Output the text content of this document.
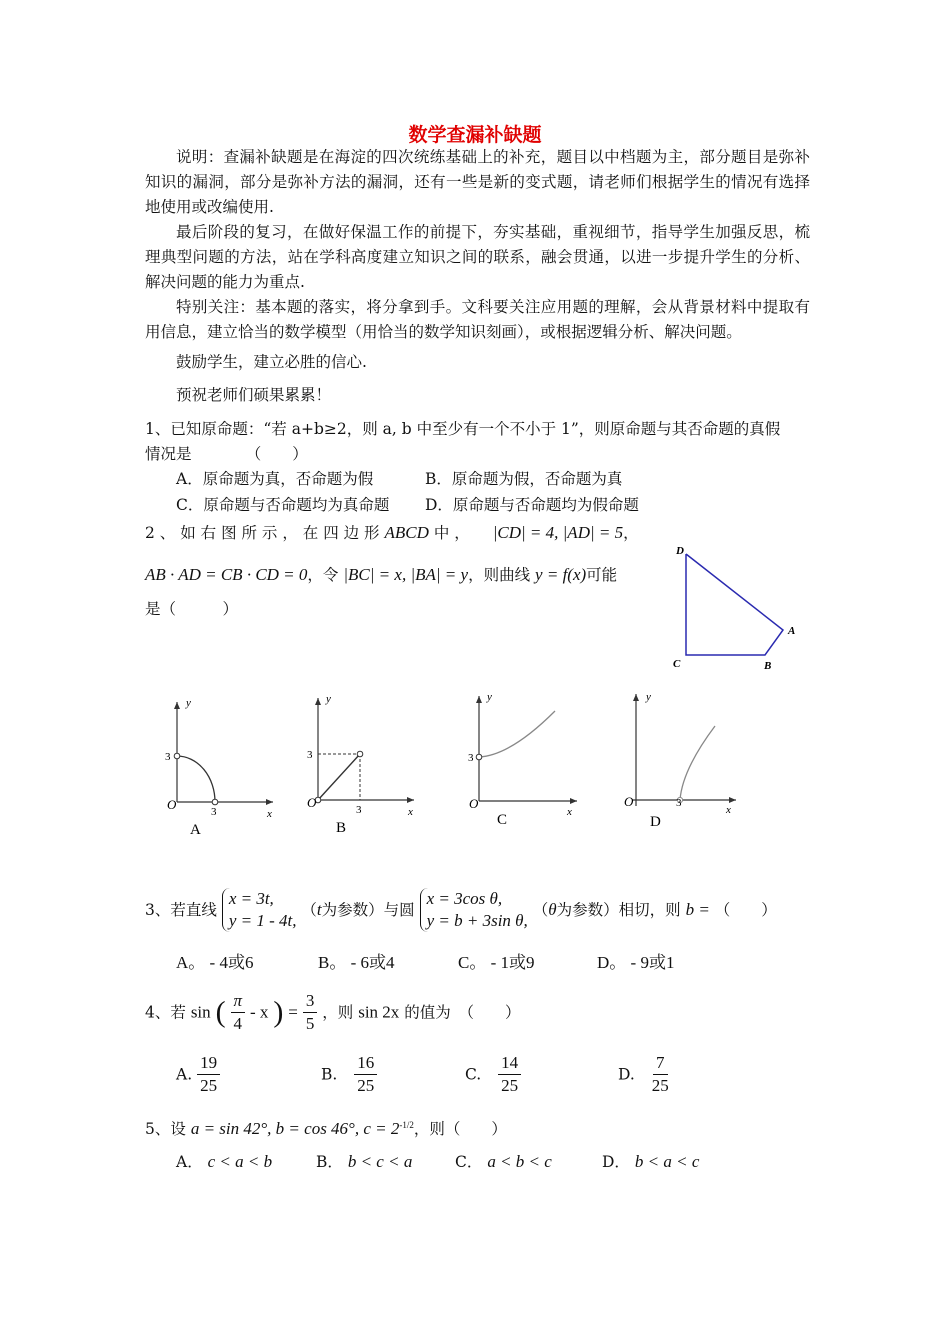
数学查漏补缺题
说明：查漏补缺题是在海淀的四次统练基础上的补充，题目以中档题为主，部分题目是弥补知识的漏洞，部分是弥补方法的漏洞，还有一些是新的变式题，请老师们根据学生的情况有选择地使用或改编使用.
最后阶段的复习，在做好保温工作的前提下，夯实基础，重视细节，指导学生加强反思，梳理典型问题的方法，站在学科高度建立知识之间的联系，融会贯通，以进一步提升学生的分析、解决问题的能力为重点.
特别关注：基本题的落实，将分拿到手。文科要关注应用题的理解，会从背景材料中提取有用信息，建立恰当的数学模型（用恰当的数学知识刻画），或根据逻辑分析、解决问题。
鼓励学生，建立必胜的信心.
预祝老师们硕果累累！
1、已知原命题：“若 a+b≥2，则 a, b 中至少有一个不小于 1”，则原命题与其否命题的真假
情况是　　　　（　　）
A．原命题为真，否命题为假	B．原命题为假，否命题为真
C．原命题与否命题均为真命题 D．原命题与否命题均为假命题
2 、 如 右 图 所 示 ， 在 四 边 形 ABCD 中 ， |CD| = 4, |AD| = 5，
AB · AD = CB · CD = 0，令 |BC| = x, |BA| = y，则曲线 y = f(x)可能
是（　　　）
D
A
B
C
y
x
O
3
3
A
y
x
O
3
3
B
y
x
O
3
C
y
x
O	3
D
3、若直线
x = 3t,
y = 1 - 4t,
（t为参数）与圆
x = 3cos θ,
y = b + 3sin θ,
（θ为参数）相切，则 b = （　　）
A。 - 4或6	B。 - 6或4	C。 - 1或9	D。 - 9或1
4、若 sin ( $\frac{\pi}{4}$ - x ) = $\frac{3}{5}$ ，则 sin 2x 的值为　（　　）
A. $\frac{19}{25}$	B. $\frac{16}{25}$	C. $\frac{14}{25}$	D. $\frac{7}{25}$
5、设 a = sin 42°, b = cos 46°, $c = 2^{-1/2}$，则（　　）
A． c < a < b	B． b < c < a	C． a < b < c	D． b < a < c
